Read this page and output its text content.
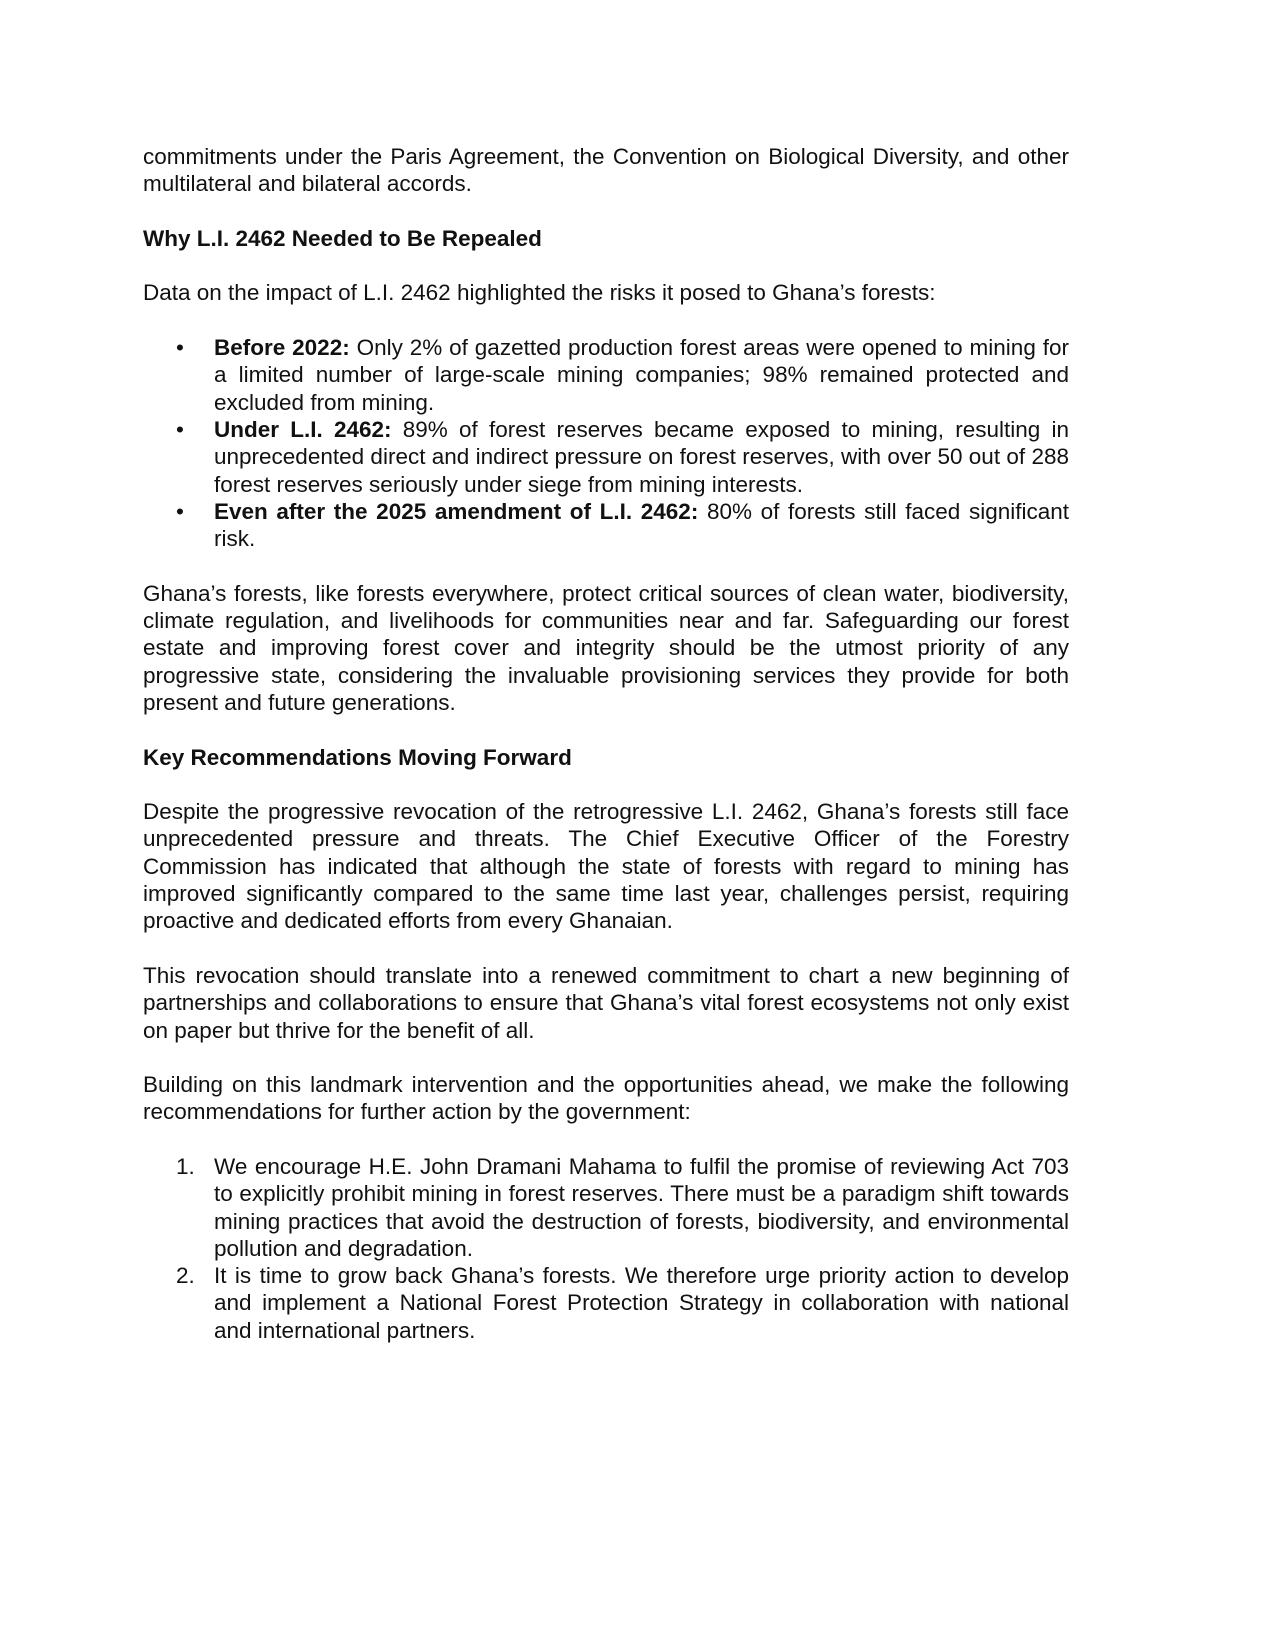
commitments under the Paris Agreement, the Convention on Biological Diversity, and other multilateral and bilateral accords.

Why L.I. 2462 Needed to Be Repealed

Data on the impact of L.I. 2462 highlighted the risks it posed to Ghana’s forests:

• Before 2022: Only 2% of gazetted production forest areas were opened to mining for a limited number of large-scale mining companies; 98% remained protected and excluded from mining.
• Under L.I. 2462: 89% of forest reserves became exposed to mining, resulting in unprecedented direct and indirect pressure on forest reserves, with over 50 out of 288 forest reserves seriously under siege from mining interests.
• Even after the 2025 amendment of L.I. 2462: 80% of forests still faced significant risk.

Ghana’s forests, like forests everywhere, protect critical sources of clean water, biodiversity, climate regulation, and livelihoods for communities near and far. Safeguarding our forest estate and improving forest cover and integrity should be the utmost priority of any progressive state, considering the invaluable provisioning services they provide for both present and future generations.

Key Recommendations Moving Forward

Despite the progressive revocation of the retrogressive L.I. 2462, Ghana’s forests still face unprecedented pressure and threats. The Chief Executive Officer of the Forestry Commission has indicated that although the state of forests with regard to mining has improved significantly compared to the same time last year, challenges persist, requiring proactive and dedicated efforts from every Ghanaian.

This revocation should translate into a renewed commitment to chart a new beginning of partnerships and collaborations to ensure that Ghana’s vital forest ecosystems not only exist on paper but thrive for the benefit of all.

Building on this landmark intervention and the opportunities ahead, we make the following recommendations for further action by the government:

1. We encourage H.E. John Dramani Mahama to fulfil the promise of reviewing Act 703 to explicitly prohibit mining in forest reserves. There must be a paradigm shift towards mining practices that avoid the destruction of forests, biodiversity, and environmental pollution and degradation.
2. It is time to grow back Ghana’s forests. We therefore urge priority action to develop and implement a National Forest Protection Strategy in collaboration with national and international partners.
